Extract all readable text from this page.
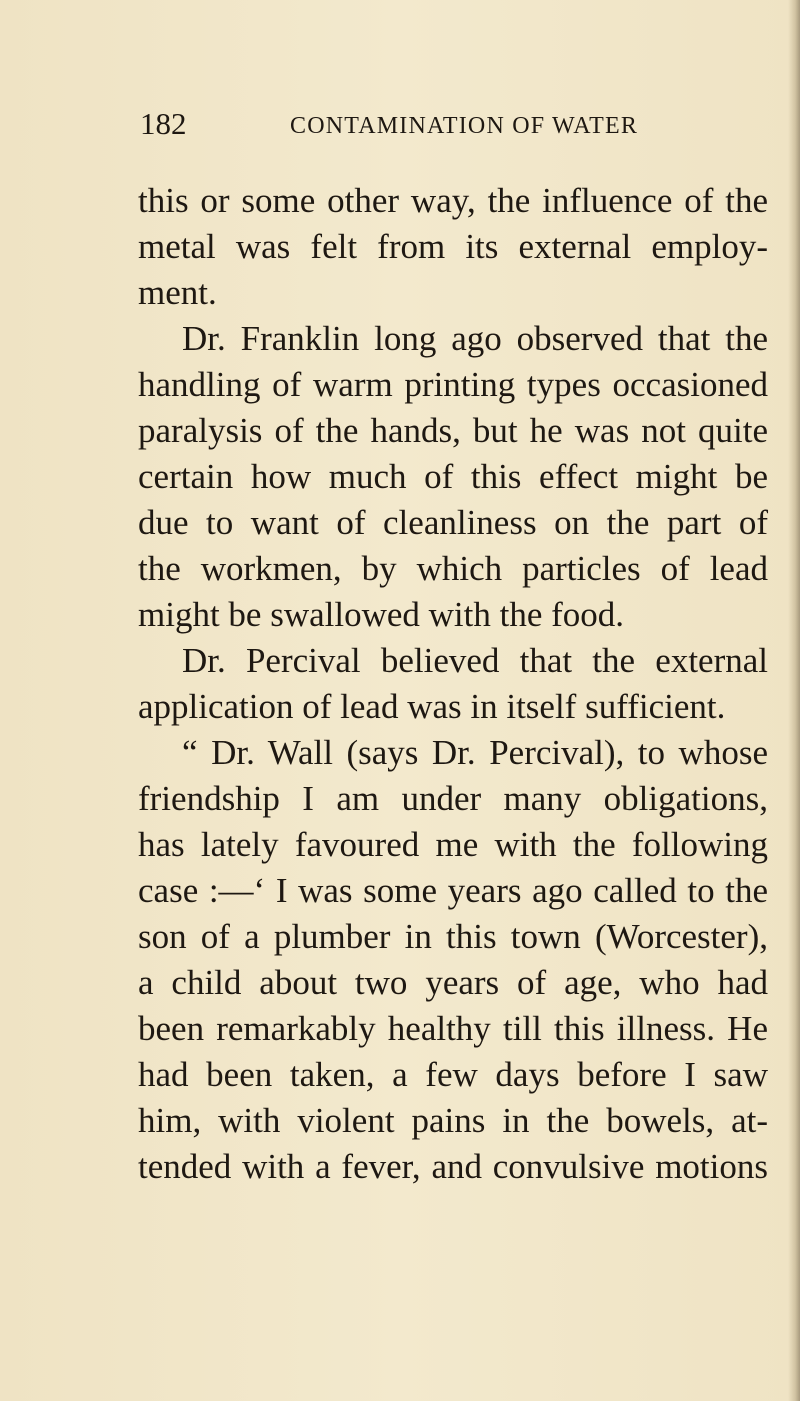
182	CONTAMINATION OF WATER
this or some other way, the influence of the
metal was felt from its external employ-
ment.
Dr. Franklin long ago observed that the
handling of warm printing types occasioned
paralysis of the hands, but he was not quite
certain how much of this effect might be
due to want of cleanliness on the part of
the workmen, by which particles of lead
might be swallowed with the food.
Dr. Percival believed that the external
application of lead was in itself sufficient.
“ Dr. Wall (says Dr. Percival), to whose
friendship I am under many obligations,
has lately favoured me with the following
case :—‘ I was some years ago called to the
son of a plumber in this town (Worcester),
a child about two years of age, who had
been remarkably healthy till this illness. He
had been taken, a few days before I saw
him, with violent pains in the bowels, at-
tended with a fever, and convulsive motions
